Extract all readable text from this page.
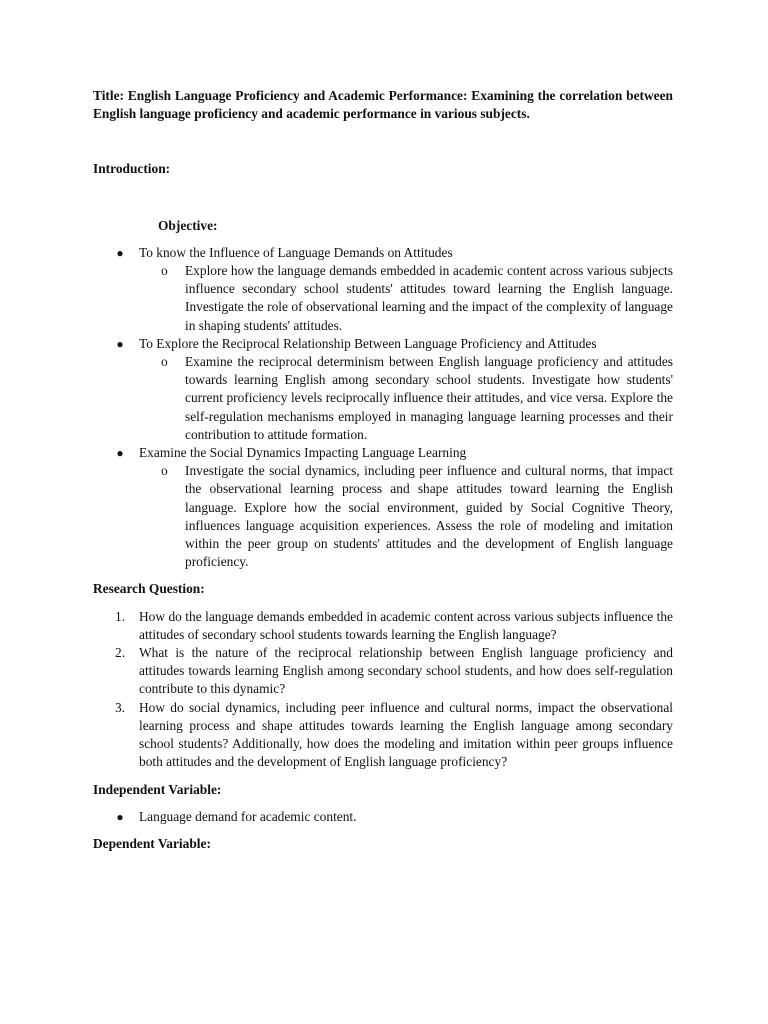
Title: English Language Proficiency and Academic Performance: Examining the correlation between English language proficiency and academic performance in various subjects.

Introduction:

Objective:

● To know the Influence of Language Demands on Attitudes
o Explore how the language demands embedded in academic content across various subjects influence secondary school students' attitudes toward learning the English language. Investigate the role of observational learning and the impact of the complexity of language in shaping students' attitudes.
● To Explore the Reciprocal Relationship Between Language Proficiency and Attitudes
o Examine the reciprocal determinism between English language proficiency and attitudes towards learning English among secondary school students. Investigate how students' current proficiency levels reciprocally influence their attitudes, and vice versa. Explore the self-regulation mechanisms employed in managing language learning processes and their contribution to attitude formation.
● Examine the Social Dynamics Impacting Language Learning
o Investigate the social dynamics, including peer influence and cultural norms, that impact the observational learning process and shape attitudes toward learning the English language. Explore how the social environment, guided by Social Cognitive Theory, influences language acquisition experiences. Assess the role of modeling and imitation within the peer group on students' attitudes and the development of English language proficiency.

Research Question:

1. How do the language demands embedded in academic content across various subjects influence the attitudes of secondary school students towards learning the English language?
2. What is the nature of the reciprocal relationship between English language proficiency and attitudes towards learning English among secondary school students, and how does self-regulation contribute to this dynamic?
3. How do social dynamics, including peer influence and cultural norms, impact the observational learning process and shape attitudes towards learning the English language among secondary school students? Additionally, how does the modeling and imitation within peer groups influence both attitudes and the development of English language proficiency?

Independent Variable:

● Language demand for academic content.

Dependent Variable:
